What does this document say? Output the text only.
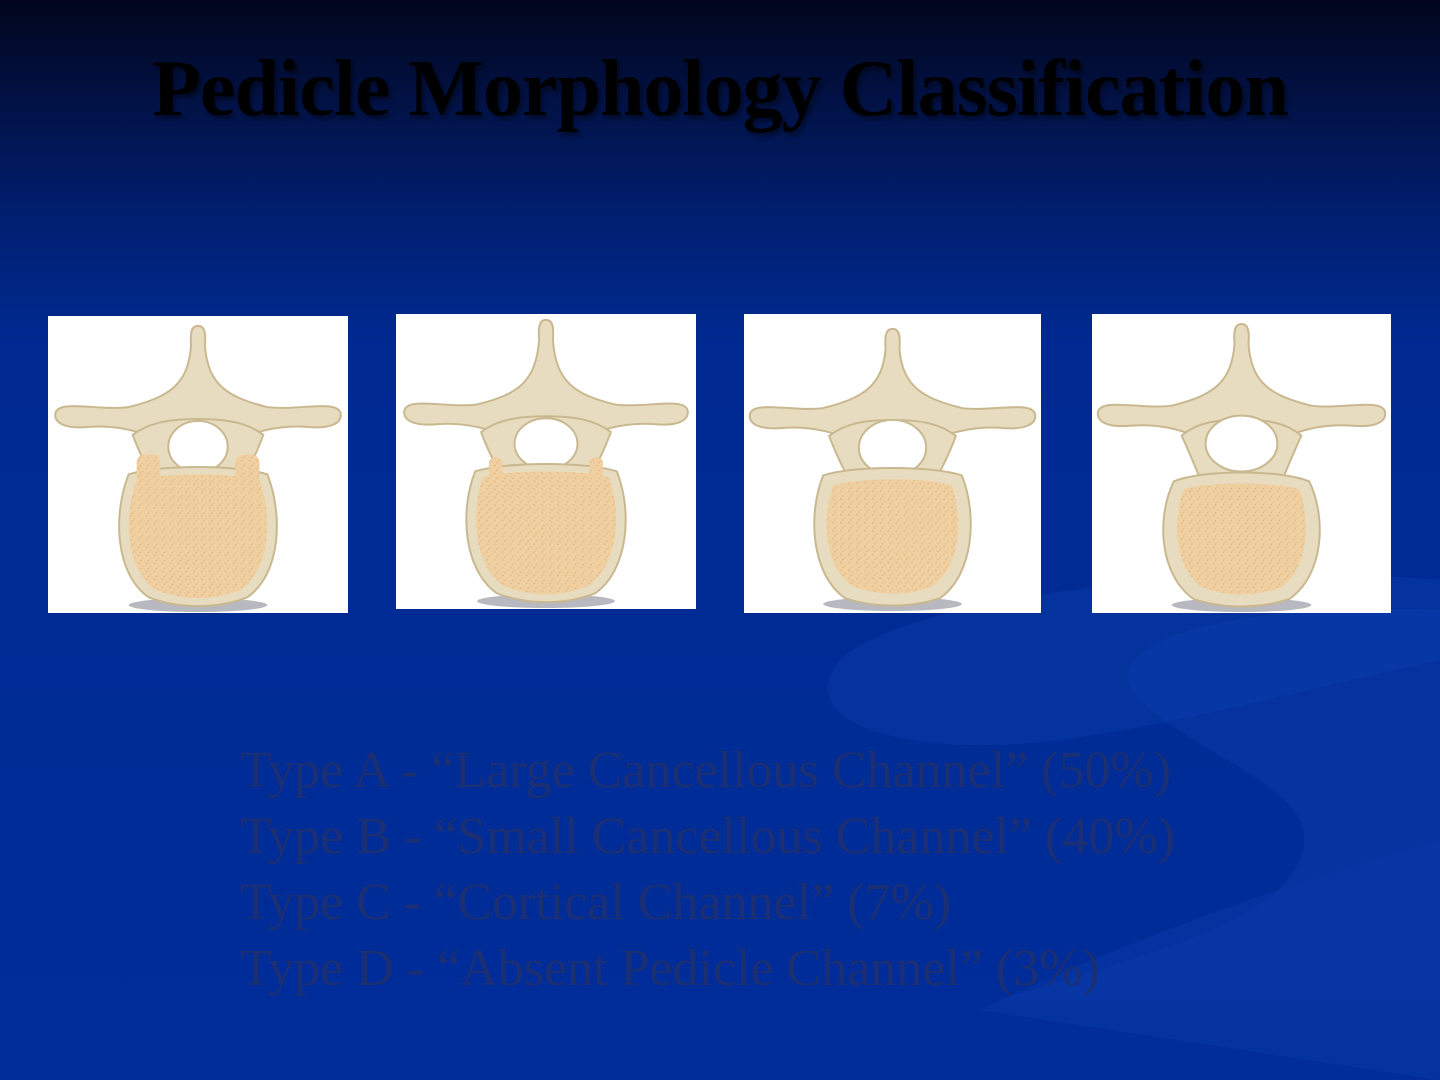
Pedicle Morphology Classification
Type A - “Large Cancellous Channel” (50%)
Type B - “Small Cancellous Channel” (40%)
Type C - “Cortical Channel” (7%)
Type D - “Absent Pedicle Channel” (3%)
